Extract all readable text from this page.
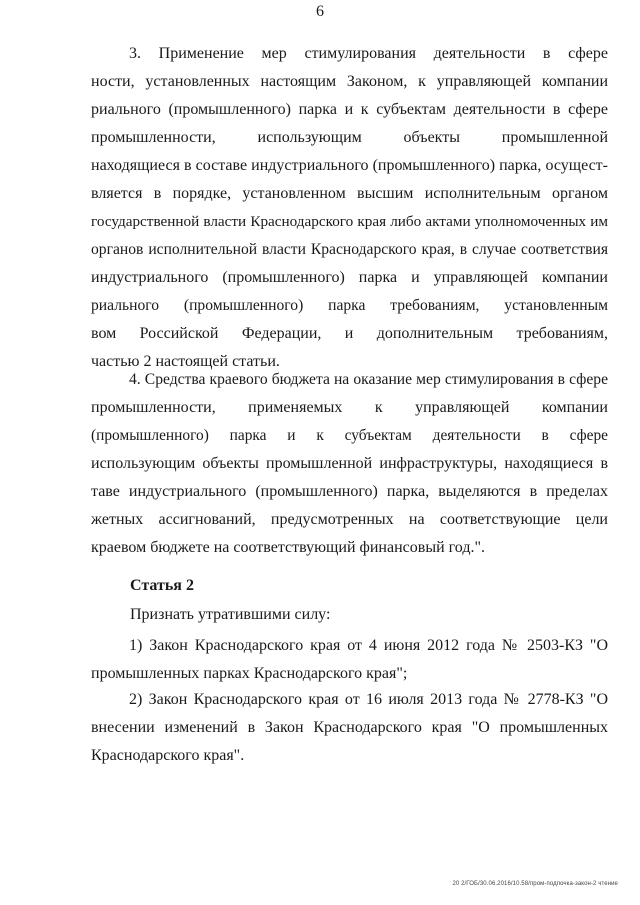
6
3. Применение мер стимулирования деятельности в сфере
ности, установленных настоящим Законом, к управляющей компании
риального (промышленного) парка и к субъектам деятельности в сфере
промышленности, использующим объекты промышленной
находящиеся в составе индустриального (промышленного) парка, осущест-
вляется в порядке, установленном высшим исполнительным органом
государственной власти Краснодарского края либо актами уполномоченных им
органов исполнительной власти Краснодарского края, в случае соответствия
индустриального (промышленного) парка и управляющей компании
риального (промышленного) парка требованиям, установленным
вом Российской Федерации, и дополнительным требованиям,
частью 2 настоящей статьи.
4. Средства краевого бюджета на оказание мер стимулирования в сфере
промышленности, применяемых к управляющей компании
(промышленного) парка и к субъектам деятельности в сфере
использующим объекты промышленной инфраструктуры, находящиеся в
таве индустриального (промышленного) парка, выделяются в пределах
жетных ассигнований, предусмотренных на соответствующие цели
краевом бюджете на соответствующий финансовый год.".
Статья 2
Признать утратившими силу:
1) Закон Краснодарского края от 4 июня 2012 года № 2503-КЗ "О
промышленных парках Краснодарского края";
2) Закон Краснодарского края от 16 июля 2013 года № 2778-КЗ "О
внесении изменений в Закон Краснодарского края "О промышленных
Краснодарского края".
20 2/ГОБ/30.06.2016/10.58/пром-подпочка-закон-2 чтение
